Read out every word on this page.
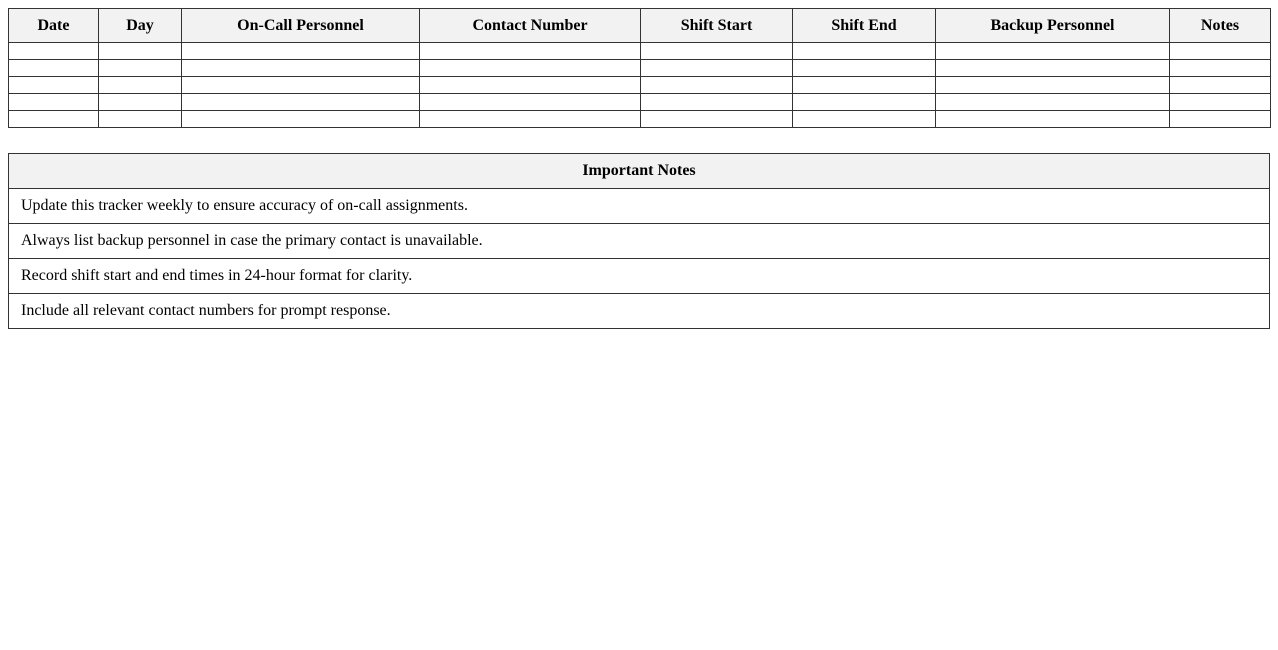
Date	Day	On-Call Personnel	Contact Number	Shift Start	Shift End	Backup Personnel	Notes

Important Notes
Update this tracker weekly to ensure accuracy of on-call assignments.
Always list backup personnel in case the primary contact is unavailable.
Record shift start and end times in 24-hour format for clarity.
Include all relevant contact numbers for prompt response.
